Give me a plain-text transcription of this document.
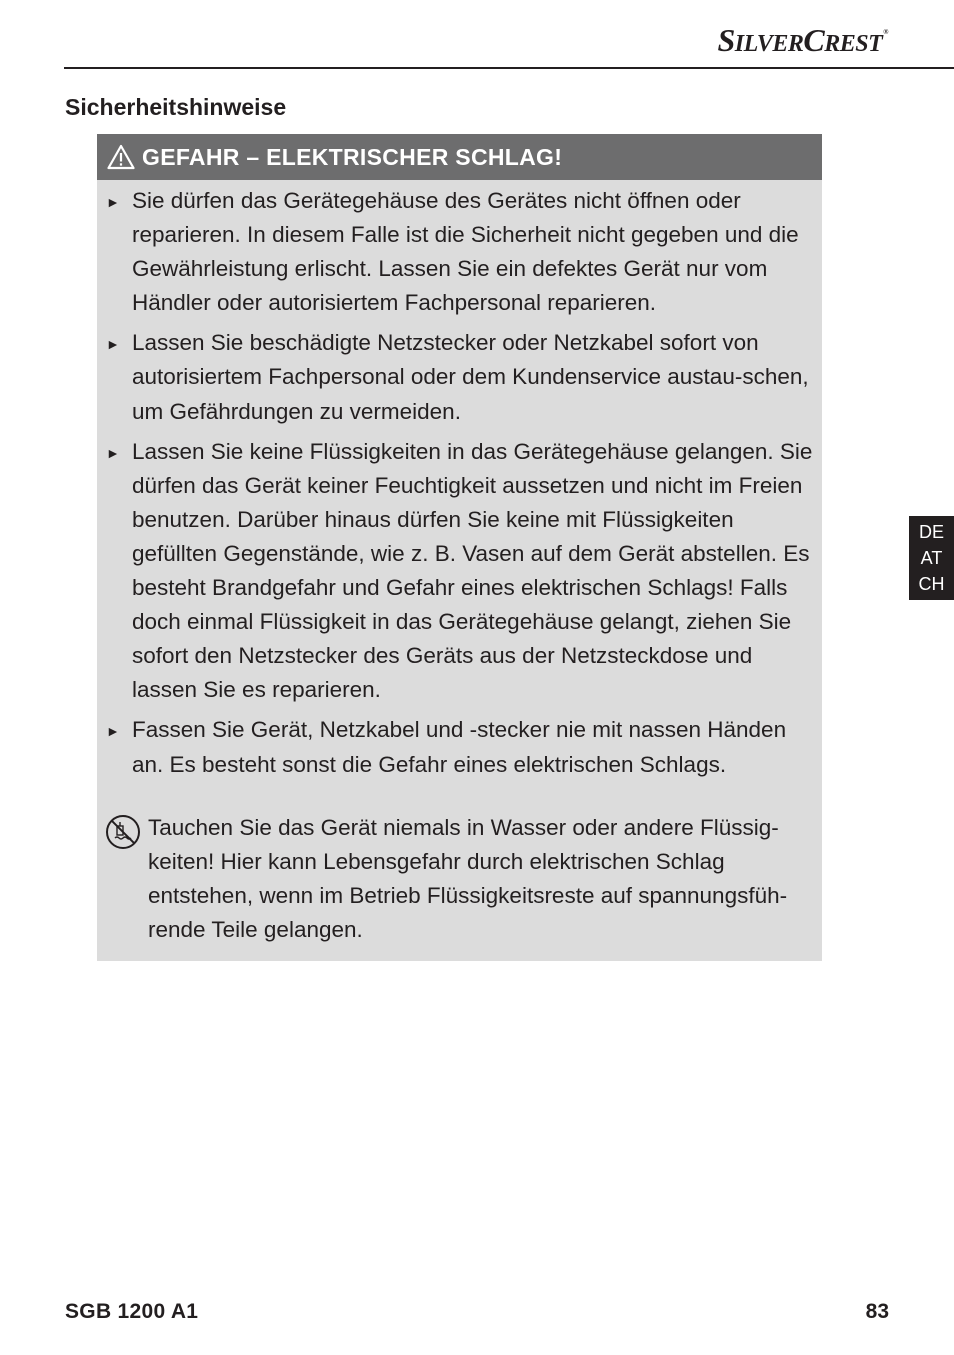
SILVERCREST®
Sicherheitshinweise
GEFAHR – ELEKTRISCHER SCHLAG!
► Sie dürfen das Gerätegehäuse des Gerätes nicht öffnen oder reparieren. In diesem Falle ist die Sicherheit nicht gegeben und die Gewährleistung erlischt. Lassen Sie ein defektes Gerät nur vom Händler oder autorisiertem Fachpersonal reparieren.
► Lassen Sie beschädigte Netzstecker oder Netzkabel sofort von autorisiertem Fachpersonal oder dem Kundenservice austau-schen, um Gefährdungen zu vermeiden.
► Lassen Sie keine Flüssigkeiten in das Gerätegehäuse gelangen. Sie dürfen das Gerät keiner Feuchtigkeit aussetzen und nicht im Freien benutzen. Darüber hinaus dürfen Sie keine mit Flüssigkeiten gefüllten Gegenstände, wie z. B. Vasen auf dem Gerät abstellen. Es besteht Brandgefahr und Gefahr eines elektrischen Schlags! Falls doch einmal Flüssigkeit in das Gerätegehäuse gelangt, ziehen Sie sofort den Netzstecker des Geräts aus der Netzsteckdose und lassen Sie es reparieren.
► Fassen Sie Gerät, Netzkabel und -stecker nie mit nassen Händen an. Es besteht sonst die Gefahr eines elektrischen Schlags.
Tauchen Sie das Gerät niemals in Wasser oder andere Flüssig-keiten! Hier kann Lebensgefahr durch elektrischen Schlag entstehen, wenn im Betrieb Flüssigkeitsreste auf spannungsfüh-rende Teile gelangen.
DE
AT
CH
SGB 1200 A1	83
